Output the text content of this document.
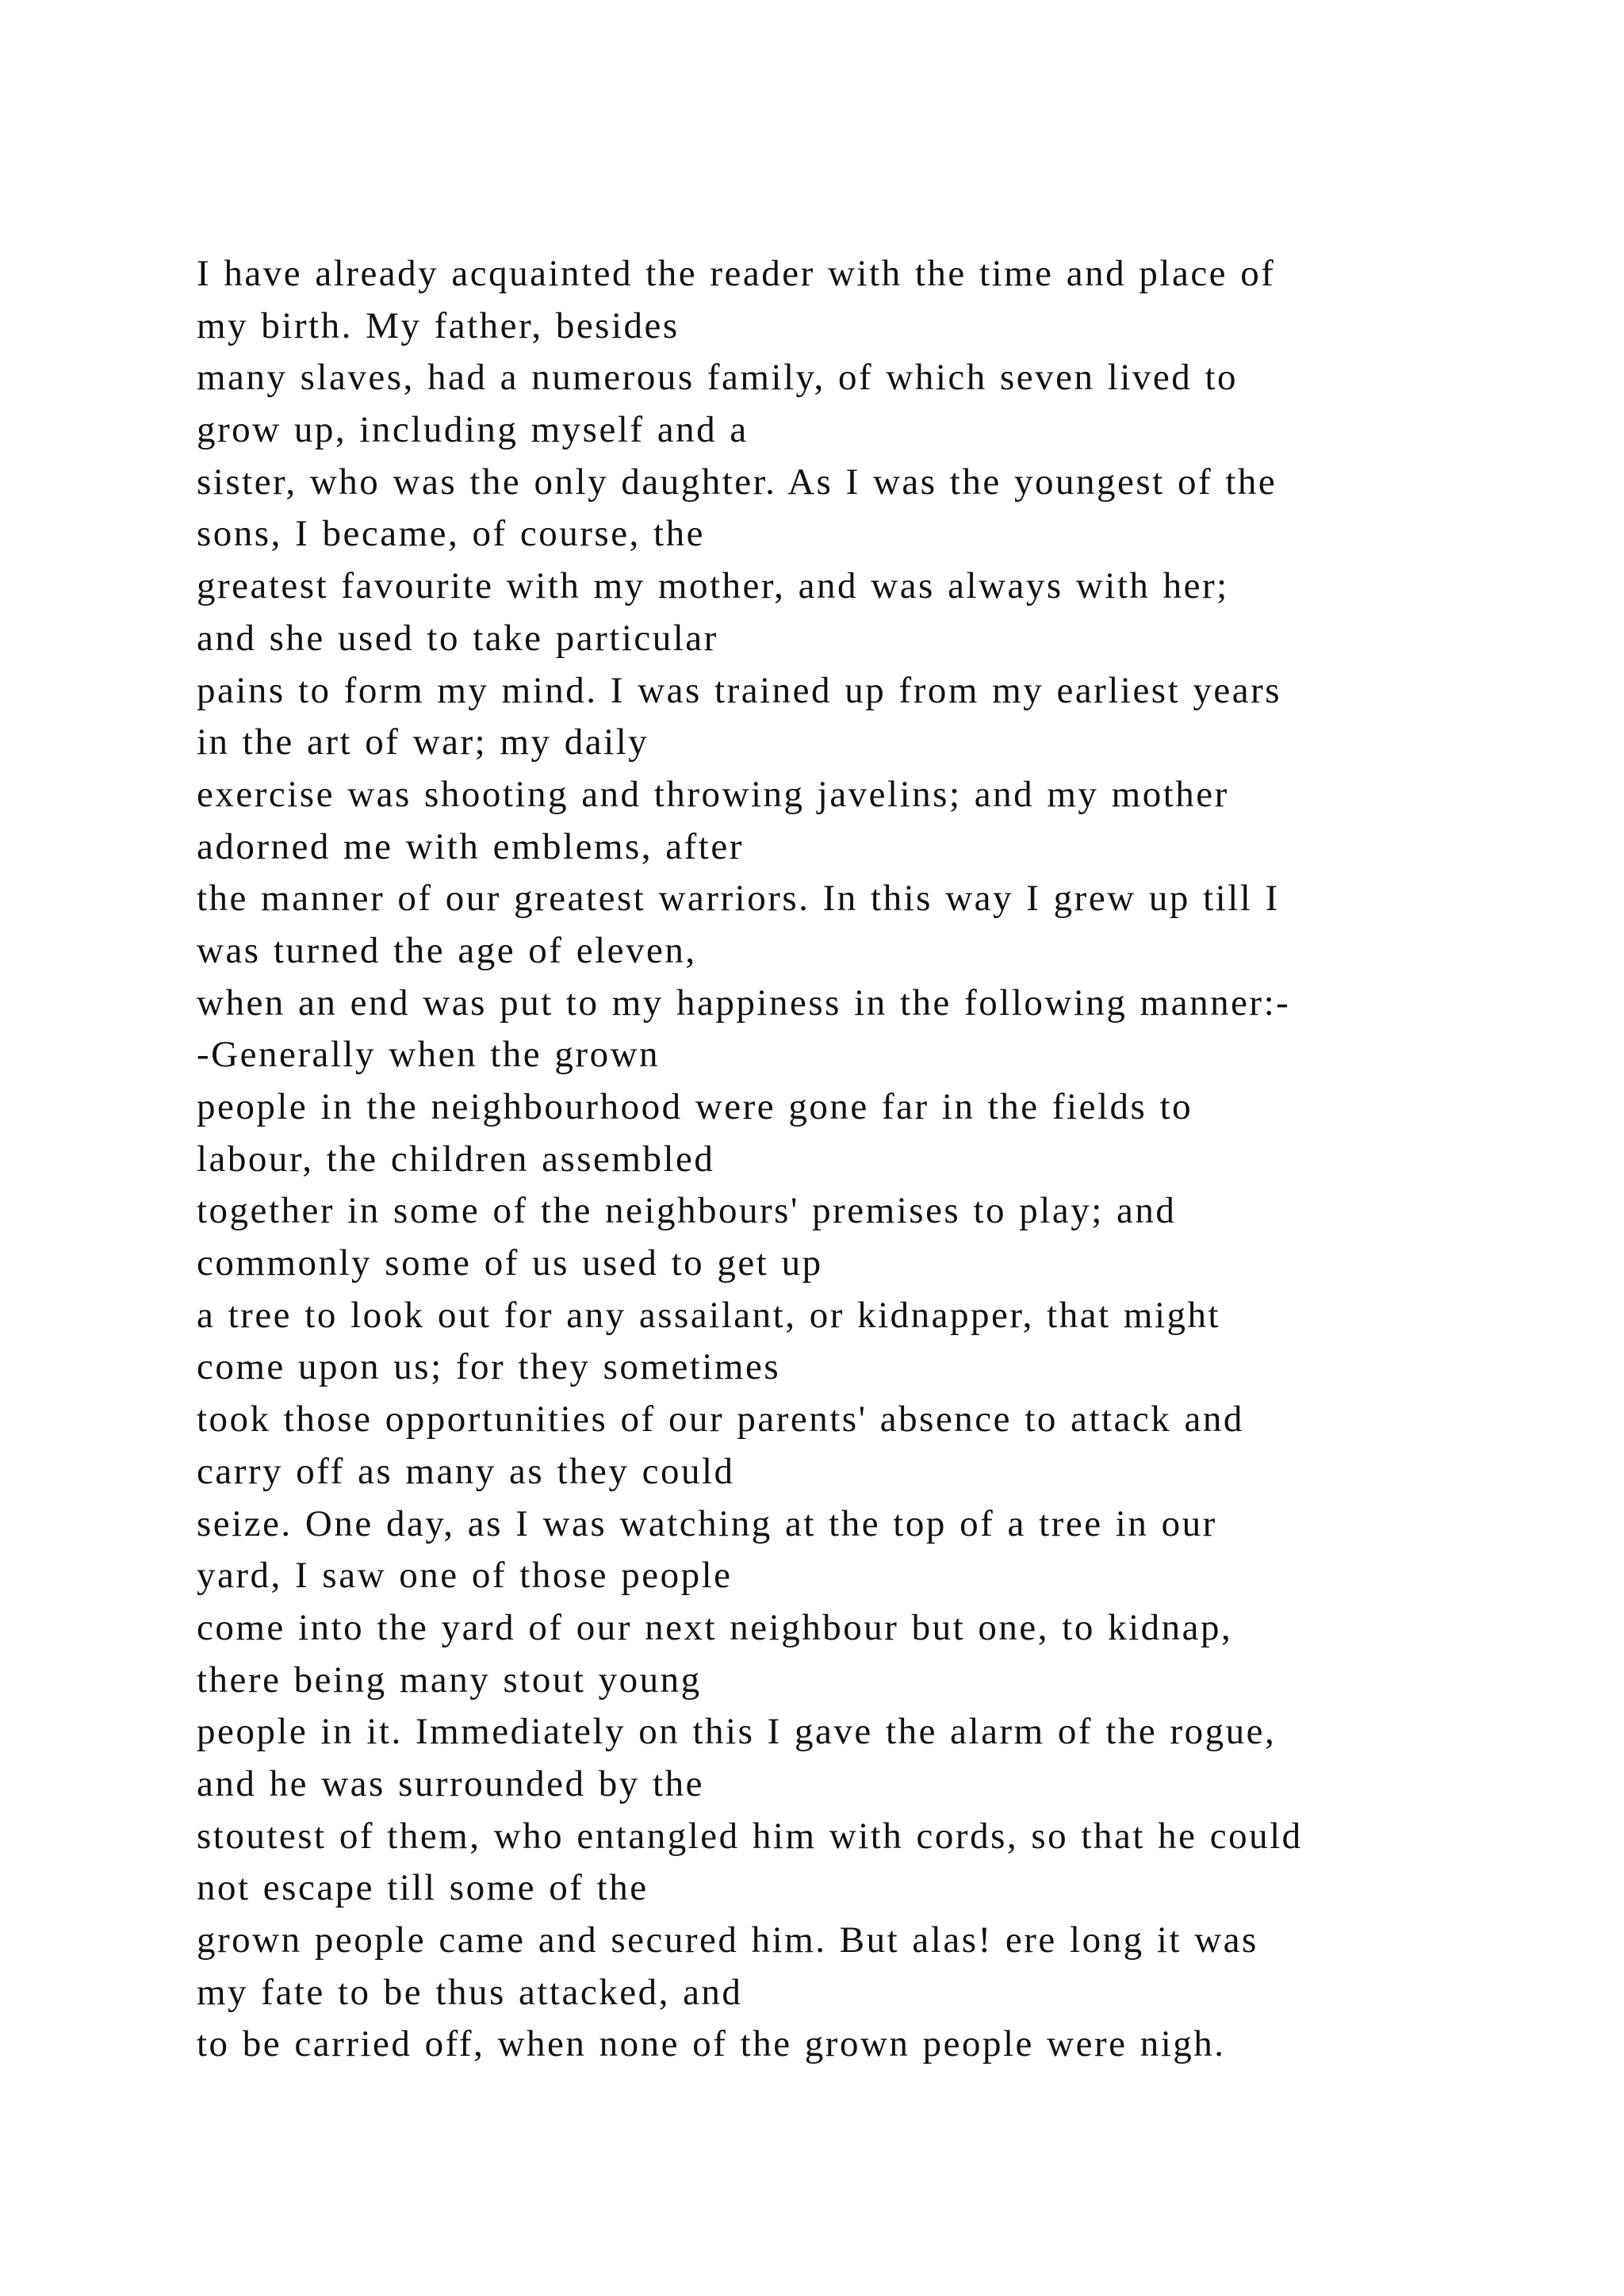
I have already acquainted the reader with the time and place of
my birth. My father, besides
many slaves, had a numerous family, of which seven lived to
grow up, including myself and a
sister, who was the only daughter. As I was the youngest of the
sons, I became, of course, the
greatest favourite with my mother, and was always with her;
and she used to take particular
pains to form my mind. I was trained up from my earliest years
in the art of war; my daily
exercise was shooting and throwing javelins; and my mother
adorned me with emblems, after
the manner of our greatest warriors. In this way I grew up till I
was turned the age of eleven,
when an end was put to my happiness in the following manner:-
-Generally when the grown
people in the neighbourhood were gone far in the fields to
labour, the children assembled
together in some of the neighbours' premises to play; and
commonly some of us used to get up
a tree to look out for any assailant, or kidnapper, that might
come upon us; for they sometimes
took those opportunities of our parents' absence to attack and
carry off as many as they could
seize. One day, as I was watching at the top of a tree in our
yard, I saw one of those people
come into the yard of our next neighbour but one, to kidnap,
there being many stout young
people in it. Immediately on this I gave the alarm of the rogue,
and he was surrounded by the
stoutest of them, who entangled him with cords, so that he could
not escape till some of the
grown people came and secured him. But alas! ere long it was
my fate to be thus attacked, and
to be carried off, when none of the grown people were nigh.
